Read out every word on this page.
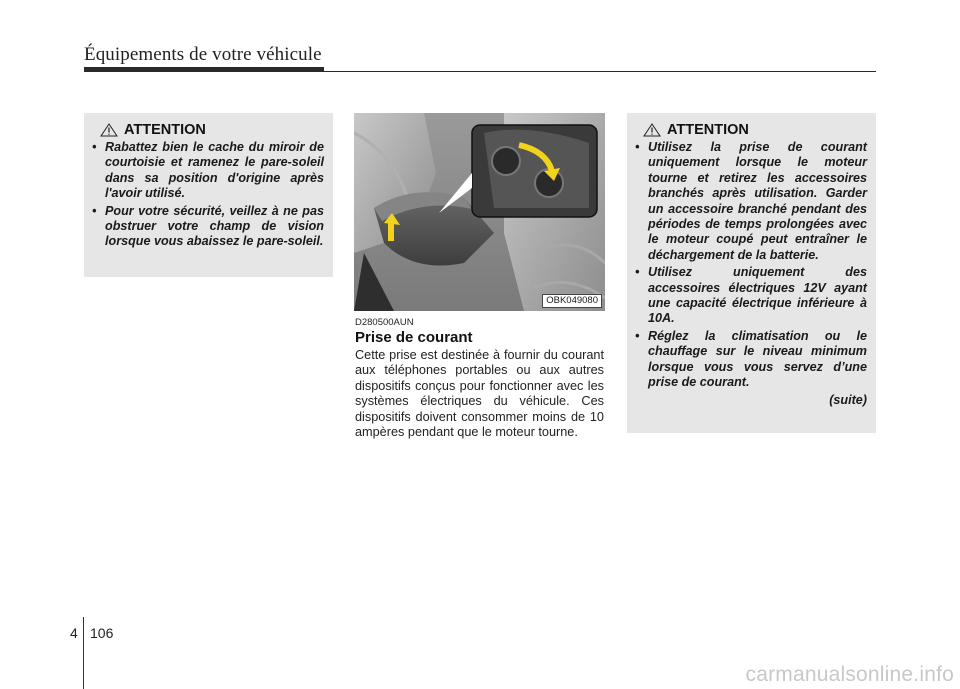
Équipements de votre véhicule
ATTENTION
• Rabattez bien le cache du miroir de courtoisie et ramenez le pare-soleil dans sa position d'origine après l'avoir utilisé.
• Pour votre sécurité, veillez à ne pas obstruer votre champ de vision lorsque vous abaissez le pare-soleil.
OBK049080
D280500AUN
Prise de courant
Cette prise est destinée à fournir du courant aux téléphones portables ou aux autres dispositifs conçus pour fonctionner avec les systèmes électriques du véhicule. Ces dispositifs doivent consommer moins de 10 ampères pendant que le moteur tourne.
ATTENTION
• Utilisez la prise de courant uniquement lorsque le moteur tourne et retirez les accessoires branchés après utilisation. Garder un accessoire branché pendant des périodes de temps prolongées avec le moteur coupé peut entraîner le déchargement de la batterie.
• Utilisez uniquement des accessoires électriques 12V ayant une capacité électrique inférieure à 10A.
• Réglez la climatisation ou le chauffage sur le niveau minimum lorsque vous vous servez d’une prise de courant.
(suite)
4 106
carmanualsonline.info
